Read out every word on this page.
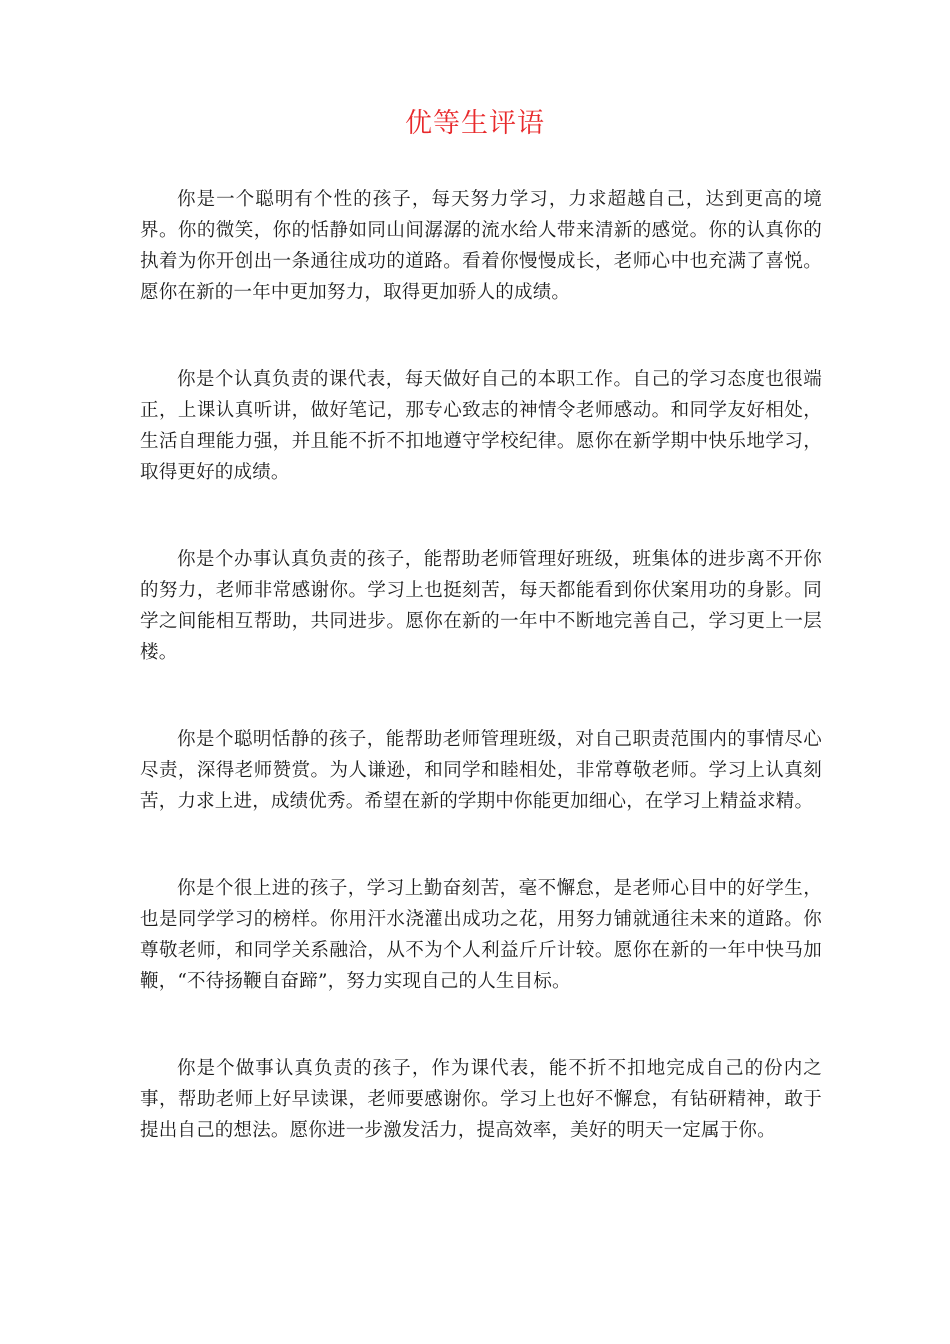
优等生评语

你是一个聪明有个性的孩子，每天努力学习，力求超越自己，达到更高的境界。你的微笑，你的恬静如同山间潺潺的流水给人带来清新的感觉。你的认真你的执着为你开创出一条通往成功的道路。看着你慢慢成长，老师心中也充满了喜悦。愿你在新的一年中更加努力，取得更加骄人的成绩。

你是个认真负责的课代表，每天做好自己的本职工作。自己的学习态度也很端正，上课认真听讲，做好笔记，那专心致志的神情令老师感动。和同学友好相处，生活自理能力强，并且能不折不扣地遵守学校纪律。愿你在新学期中快乐地学习，取得更好的成绩。

你是个办事认真负责的孩子，能帮助老师管理好班级，班集体的进步离不开你的努力，老师非常感谢你。学习上也挺刻苦，每天都能看到你伏案用功的身影。同学之间能相互帮助，共同进步。愿你在新的一年中不断地完善自己，学习更上一层楼。

你是个聪明恬静的孩子，能帮助老师管理班级，对自己职责范围内的事情尽心尽责，深得老师赞赏。为人谦逊，和同学和睦相处，非常尊敬老师。学习上认真刻苦，力求上进，成绩优秀。希望在新的学期中你能更加细心，在学习上精益求精。

你是个很上进的孩子，学习上勤奋刻苦，毫不懈怠，是老师心目中的好学生，也是同学学习的榜样。你用汗水浇灌出成功之花，用努力铺就通往未来的道路。你尊敬老师，和同学关系融洽，从不为个人利益斤斤计较。愿你在新的一年中快马加鞭，“不待扬鞭自奋蹄”，努力实现自己的人生目标。

你是个做事认真负责的孩子，作为课代表，能不折不扣地完成自己的份内之事，帮助老师上好早读课，老师要感谢你。学习上也好不懈怠，有钻研精神，敢于提出自己的想法。愿你进一步激发活力，提高效率，美好的明天一定属于你。
